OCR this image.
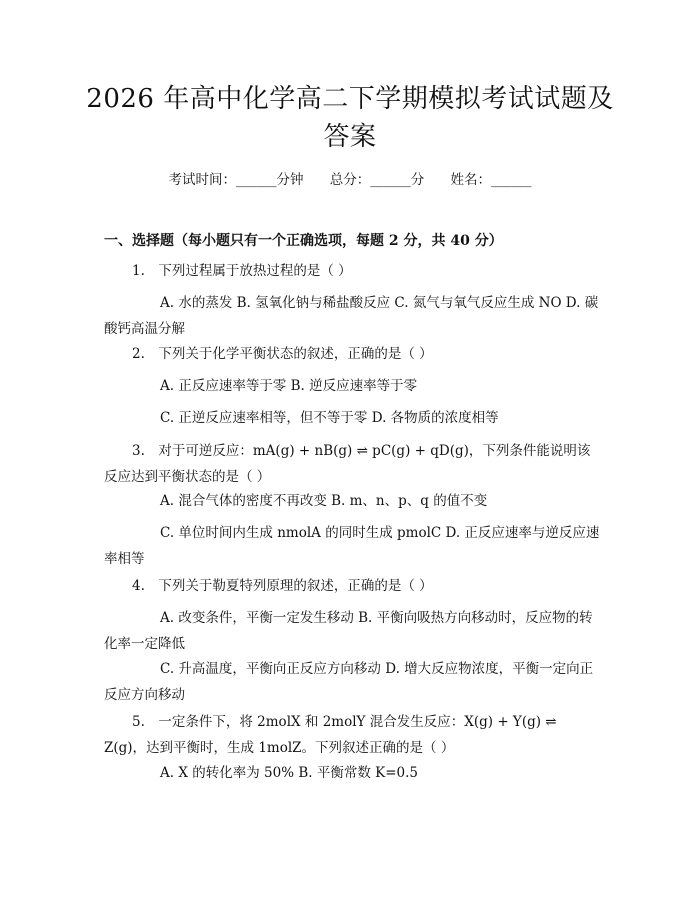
2026 年高中化学高二下学期模拟考试试题及答案
考试时间：______分钟 总分：______分 姓名：______
一、选择题（每小题只有一个正确选项，每题 2 分，共 40 分）
1.　下列过程属于放热过程的是（ ）
A. 水的蒸发 B. 氢氧化钠与稀盐酸反应 C. 氮气与氧气反应生成 NO D. 碳酸钙高温分解
2.　下列关于化学平衡状态的叙述，正确的是（ ）
A. 正反应速率等于零 B. 逆反应速率等于零
C. 正逆反应速率相等，但不等于零 D. 各物质的浓度相等
3.　对于可逆反应：mA(g) + nB(g) ⇌ pC(g) + qD(g)，下列条件能说明该反应达到平衡状态的是（ ）
A. 混合气体的密度不再改变 B. m、n、p、q 的值不变
C. 单位时间内生成 nmolA 的同时生成 pmolC D. 正反应速率与逆反应速率相等
4.　下列关于勒夏特列原理的叙述，正确的是（ ）
A. 改变条件，平衡一定发生移动 B. 平衡向吸热方向移动时，反应物的转化率一定降低
C. 升高温度，平衡向正反应方向移动 D. 增大反应物浓度，平衡一定向正反应方向移动
5.　一定条件下，将 2molX 和 2molY 混合发生反应：X(g) + Y(g) ⇌ Z(g)，达到平衡时，生成 1molZ。下列叙述正确的是（ ）
A. X 的转化率为 50% B. 平衡常数 K=0.5
